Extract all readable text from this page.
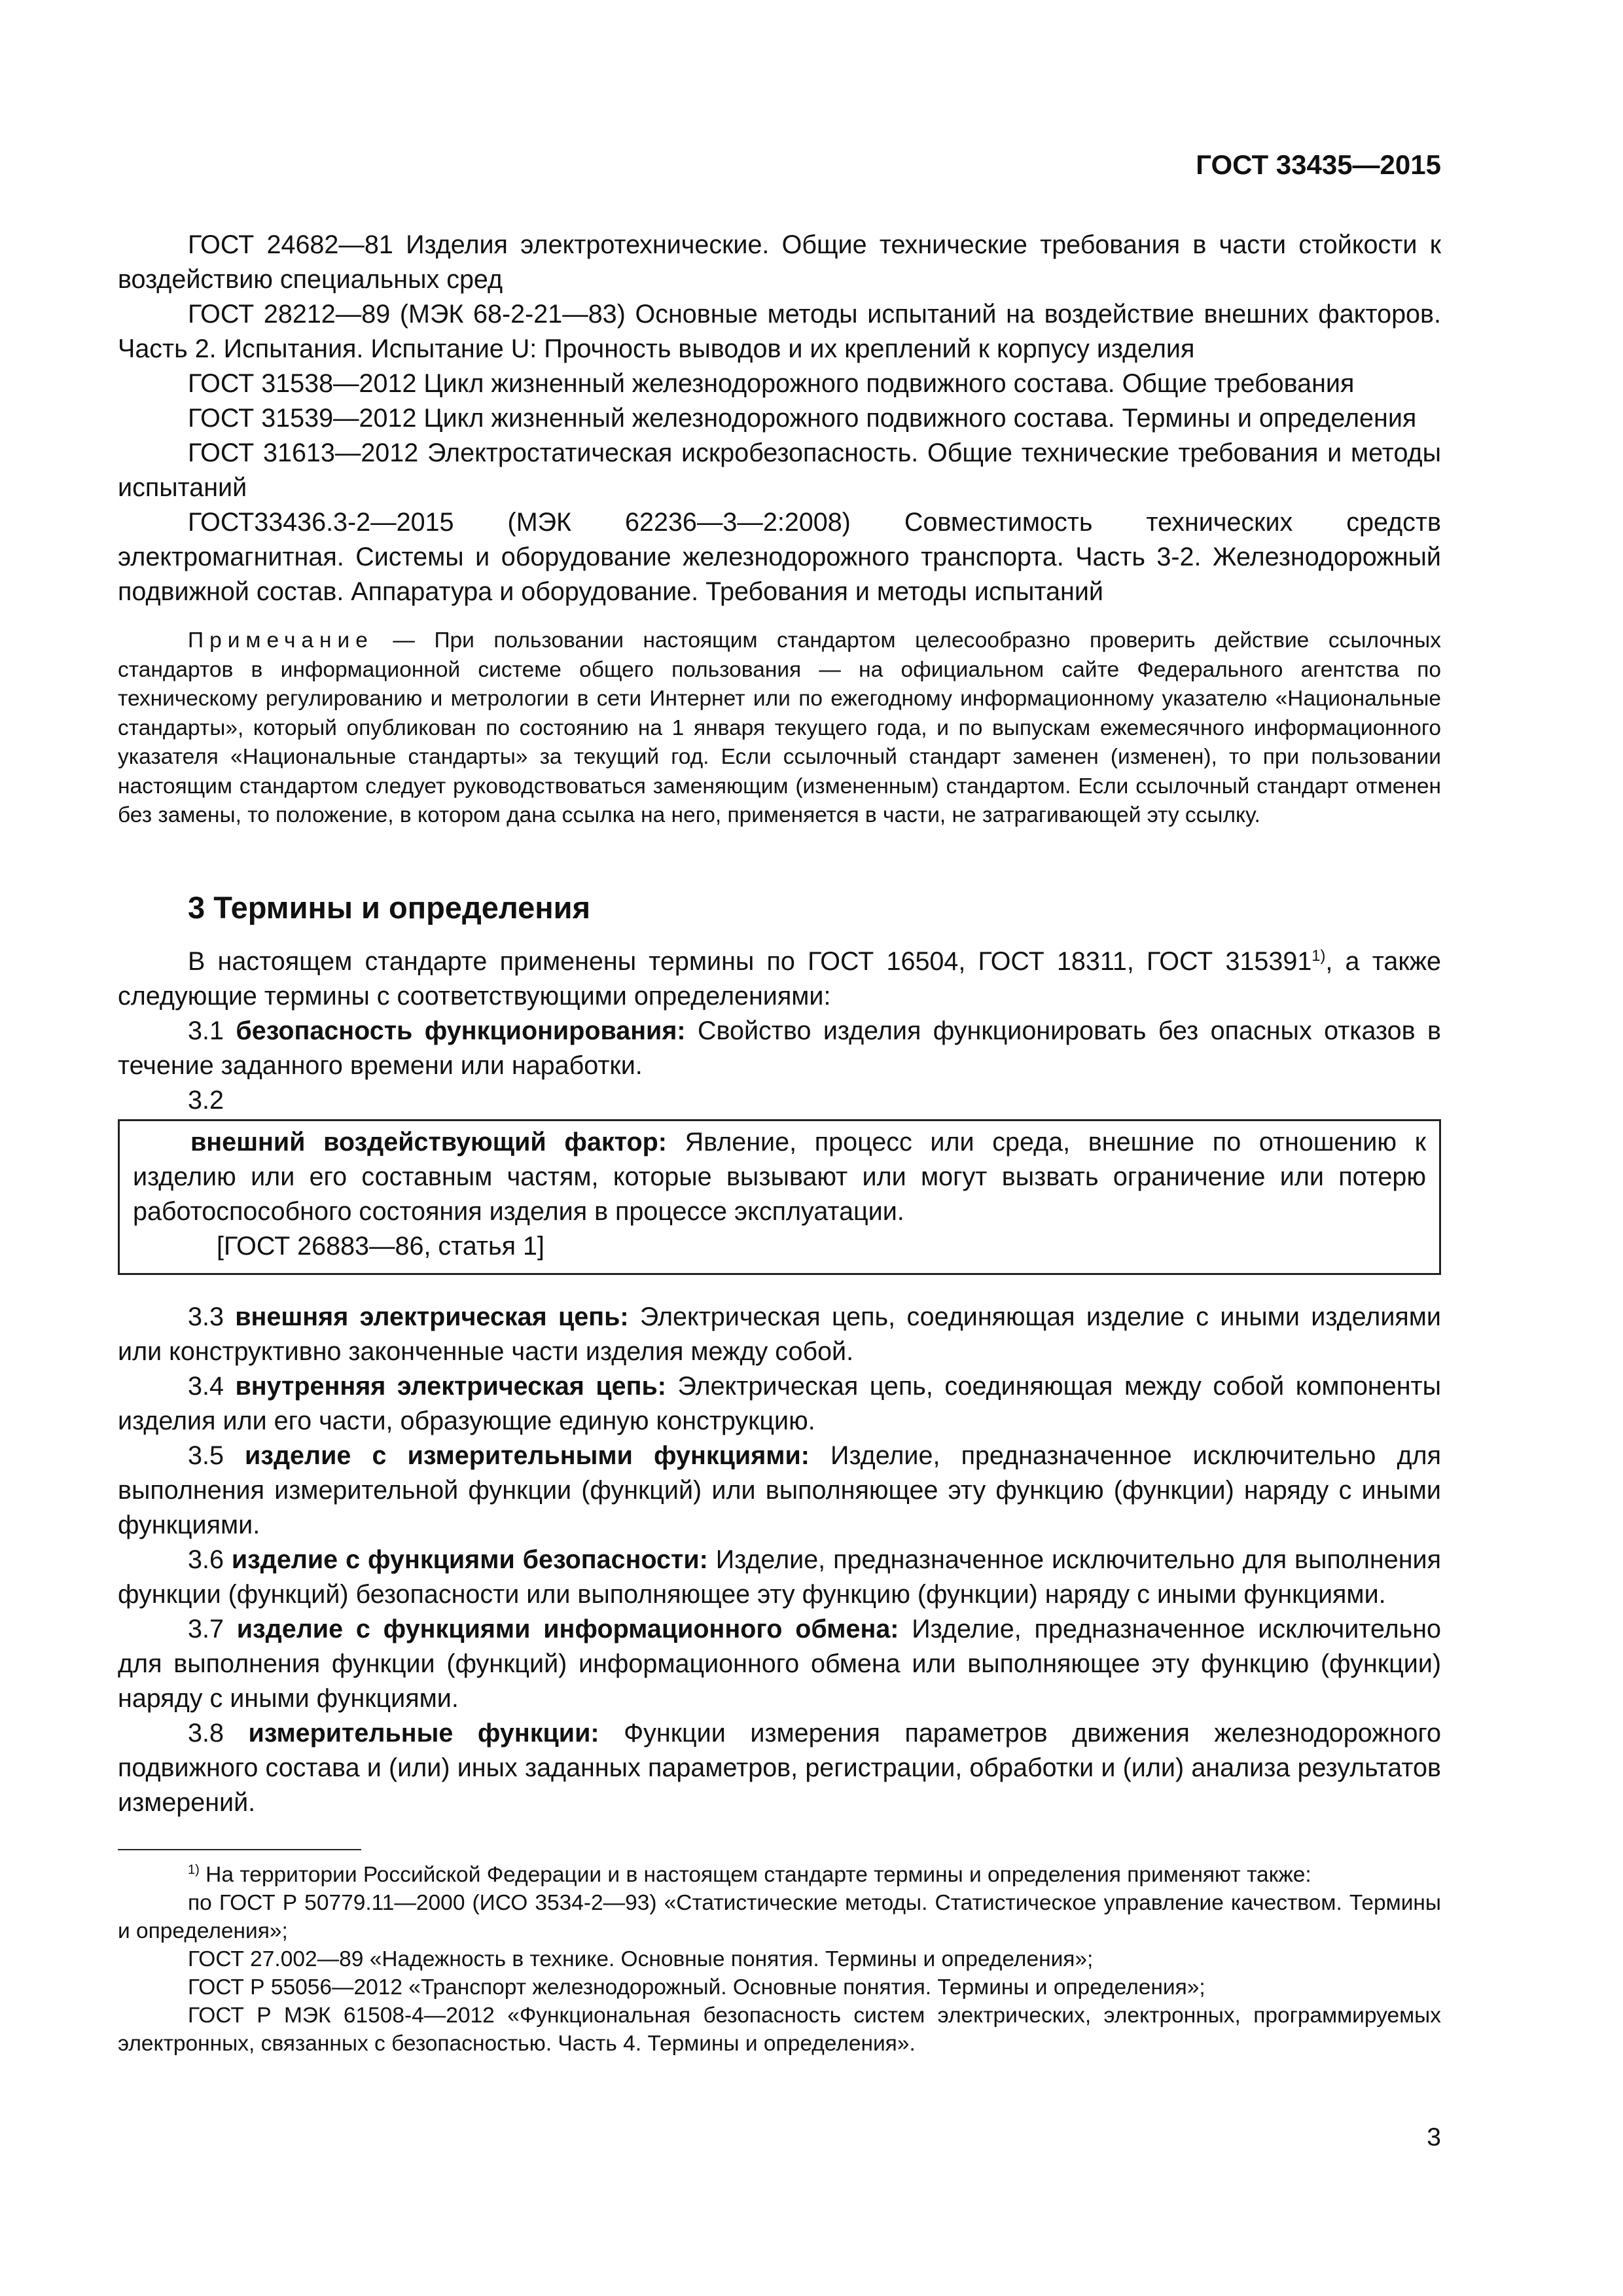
ГОСТ 33435—2015

ГОСТ 24682—81 Изделия электротехнические. Общие технические требования в части стойкости к воздействию специальных сред

ГОСТ 28212—89 (МЭК 68-2-21—83) Основные методы испытаний на воздействие внешних факторов. Часть 2. Испытания. Испытание U: Прочность выводов и их креплений к корпусу изделия

ГОСТ 31538—2012 Цикл жизненный железнодорожного подвижного состава. Общие требования

ГОСТ 31539—2012 Цикл жизненный железнодорожного подвижного состава. Термины и определения

ГОСТ 31613—2012 Электростатическая искробезопасность. Общие технические требования и методы испытаний

ГОСТ33436.3-2—2015 (МЭК 62236—3—2:2008) Совместимость технических средств электромагнитная. Системы и оборудование железнодорожного транспорта. Часть 3-2. Железнодорожный подвижной состав. Аппаратура и оборудование. Требования и методы испытаний

Примечание — При пользовании настоящим стандартом целесообразно проверить действие ссылочных стандартов в информационной системе общего пользования — на официальном сайте Федерального агентства по техническому регулированию и метрологии в сети Интернет или по ежегодному информационному указателю «Национальные стандарты», который опубликован по состоянию на 1 января текущего года, и по выпускам ежемесячного информационного указателя «Национальные стандарты» за текущий год. Если ссылочный стандарт заменен (изменен), то при пользовании настоящим стандартом следует руководствоваться заменяющим (измененным) стандартом. Если ссылочный стандарт отменен без замены, то положение, в котором дана ссылка на него, применяется в части, не затрагивающей эту ссылку.

3 Термины и определения

В настоящем стандарте применены термины по ГОСТ 16504, ГОСТ 18311, ГОСТ 315391$^{1)}$, а также следующие термины с соответствующими определениями:

3.1 безопасность функционирования: Свойство изделия функционировать без опасных отказов в течение заданного времени или наработки.

3.2

внешний воздействующий фактор: Явление, процесс или среда, внешние по отношению к изделию или его составным частям, которые вызывают или могут вызвать ограничение или потерю работоспособного состояния изделия в процессе эксплуатации.

[ГОСТ 26883—86, статья 1]

3.3 внешняя электрическая цепь: Электрическая цепь, соединяющая изделие с иными изделиями или конструктивно законченные части изделия между собой.

3.4 внутренняя электрическая цепь: Электрическая цепь, соединяющая между собой компоненты изделия или его части, образующие единую конструкцию.

3.5 изделие с измерительными функциями: Изделие, предназначенное исключительно для выполнения измерительной функции (функций) или выполняющее эту функцию (функции) наряду с иными функциями.

3.6 изделие с функциями безопасности: Изделие, предназначенное исключительно для выполнения функции (функций) безопасности или выполняющее эту функцию (функции) наряду с иными функциями.

3.7 изделие с функциями информационного обмена: Изделие, предназначенное исключительно для выполнения функции (функций) информационного обмена или выполняющее эту функцию (функции) наряду с иными функциями.

3.8 измерительные функции: Функции измерения параметров движения железнодорожного подвижного состава и (или) иных заданных параметров, регистрации, обработки и (или) анализа результатов измерений.

$^{1)}$ На территории Российской Федерации и в настоящем стандарте термины и определения применяют также:

по ГОСТ Р 50779.11—2000 (ИСО 3534-2—93) «Статистические методы. Статистическое управление качеством. Термины и определения»;

ГОСТ 27.002—89 «Надежность в технике. Основные понятия. Термины и определения»;

ГОСТ Р 55056—2012 «Транспорт железнодорожный. Основные понятия. Термины и определения»;

ГОСТ Р МЭК 61508-4—2012 «Функциональная безопасность систем электрических, электронных, программируемых электронных, связанных с безопасностью. Часть 4. Термины и определения».

3
